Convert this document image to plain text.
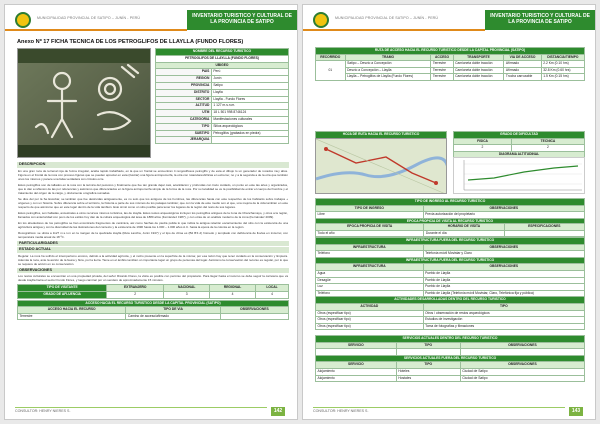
MUNICIPALIDAD PROVINCIAL DE SATIPO – JUNÍN - PERÚ	INVENTARIO TURISTICO Y CULTURAL DE LA PROVINCIA DE SATIPO
Anexo Nº 17 FICHA TECNICA DE LOS PETROGLIFOS DE LLAYLLA (FUNDO FLORES)
NOMBRE DEL RECURSO TURISTICO	
PETROGLIFOS DE LLAYLLA (FUNDO FLORES)	
UBIGEO	
PAIS	Perú
REGION	Junín
PROVINCIA	Satipo
DISTRITO	Llaylla
SECTOR	Llaylla - Fundo Flores
ALTITUD	1 127 m.s.n.m.
UTM	18 L 501 998 8746124
CATEGORIA	Manifestaciones culturales
TIPO	Sitios arqueológicos
SUBTIPO	Petroglifos (grabados en piedra)
JERARQUIA	
DESCRIPCION
En una gran roca de terrenal roja de forma irregular, acaba rapido trabalhado, en la que un frontal se encuentran 4 rengoslifosos petroglifo y de esta el dibujo lo un generador de rocados muy altos. Figura en el frontal de la roca con proceso figuras que se pueden apreciar en esta (ilustrar) una figura antropomorfa, la otra con rotaculares/trilicas en extremo; no y a la segunda a de la otra que también unos los mismos y parece una falsa verdadera con circulos ocre.
Estos petroglifos son de tallados en la roca con la técnica del pecusivo y finalmente que fue tan grande dejar casi, acantilacion y profundas con trazo cuidado, un punto en este las artes y organizados, que lo dan a reflexion de las por referencias y asimismo que diferenciados en la figura antropomorfa simple de la forma de la roca. Por su localidad se ve la posibilidad de entrar el cuerpo del hombre y el tratamiento del origen de la carga, y obviamente orografica sumadas.
Se dice del por la Se Escobar, se también que fue destruidas antiguamente, es no solo que los antiguos de los hombres, las diferencias hasta con este respectivo de los habitants sobre trabajos + origenes y con un historia. Sobre diferencia sobre el territorio, la historia a parte de sus mismos de los paisajes también; que con la vida de este medio son el que, una mejora de la vida también en este respecto de que asimismo que en este lugar dentro de la vida también. Esto sirvió como un sitio posible para tener los lugares de la región del resto de sus lugares.
Estos petroglifos, son halladas, ancestrales a otros recursos mismos turísticos, las de Llaylla. Estos restos arqueológicos incluyen los petroglifos antiguos de la zona de Chanchamayo, y otros a la región, llamados con anterioridad con poco de los estilos hoy dan de la cultura arqueológica del área de 1880 años (Fernández 1987), y con otras de un análisis moderno de la zona (Fernández 2009).
En los alrededores de los petroglifos se han encontrado fragmentos de cerámica, así como hachas de piedra pulida lo que indica la antigua relación escarnamiento del sitio con la existencia de una agricultura antigua y con la diversidad de las ilustraciones del contexto y la existencia de 1990 hasta los 1.000 – 1.000 años A.C. hasta la época de la colonia en la región.
Rocograficos: se ubica a 1127 m.s.n.m en la margen de la quebrada Llaylla (Ruta Lancha, Junín 1947) y el tipo de clima es (B2 B'4 d) húmedo y templado con deficiencia de lluvias en invierno; con temperatura media anual de 18 ºC.
PARTICULARIDADES
ESTADO ACTUAL
Regular. La roca ha sufrido el intemperismo erosivo, debido a la actividad agrícola, y el moho presente en la superficie de la misma; por esa razón hay que tener cuidado en la conservación y limpieza. Además la roca, ante la acción de la fauna y flora, por la tierra. Tiene en el ámbito también un importante lugar un grupo de personas del lugar. Asimismo la conservación del recurso es regular, por lo que se requiere de acción en su conservación.
OBSERVACIONES
Los restos culturales se encuentran en una propiedad privada, del señor Ricardo Flores, la visita es posible con permiso del propietario. Para llegar hasta el recurso se debe seguir la carretera que va desde Llaylla hacia el sector Fundo Flores, y luego caminar por un sendero de aproximadamente 15 minutos.
TIPO DE VISITANTE	EXTRANJERO	NACIONAL	REGIONAL	LOCAL
GRADO DE AFLUENCIA	2	3	4	4
ACCESO HACIA EL RECURSO TURISTICO DESDE LA CAPITAL PROVINCIAL (SATIPO)		
ACCESO HACIA EL RECURSO	TIPO DE VIA	OBSERVACIONES
Terrestre	Camino de acceso/afirmado	
CONSULTOR: HENRY NIERES S.	142
MUNICIPALIDAD PROVINCIAL DE SATIPO – JUNÍN - PERÚ	INVENTARIO TURISTICO Y CULTURAL DE LA PROVINCIA DE SATIPO
RUTA DE ACCESO HACIA EL RECURSO TURISTICO DESDE LA CAPITAL PROVINCIAL (SATIPO)					
RECORRIDO	TRAMO	ACCESO	TRANSPORTE	VIA DE ACCESO	DISTANCIA/TIEMPO
01	Satipo – Desvío a Concepción	Terrestre	Camioneta doble tracción	Afirmado	2.2 Km (0.10 hrs)
	Desvío a Concepción – Llaylla	Terrestre	Camioneta doble tracción	Afirmado	32.8 Km (0.60 hrs)
	Llaylla – Petroglifos de Llaylla (Fundo Flores)	Terrestre	Camioneta doble tracción	Trocha carrozable	1.5 Km (0.15 hrs)
HOJA DE RUTA HACIA EL RECURSO TURISTICO	GRADO DE DIFICULTAD	
FISICA	TECNICA
2	2
DIAGRAMA ALTITUDINAL	
TIPO DE INGRESO AL RECURSO TURISTICO	
TIPO DE INGRESO	OBSERVACIONES
Libre	Previa autorización del propietario
EPOCA PROPICIA DE VISITA AL RECURSO TURISTICO	
EPOCA PROPICIA DE VISITA	HORARIO DE VISITA	ESPECIFICACIONES
Todo el año	Durante el día	
INFRAESTRUCTURA FUERA DEL RECURSO TURISTICO	
INFRAESTRUCTURA	OBSERVACIONES
Teléfono	Telefonía móvil Movistar y Claro
INFRAESTRUCTURA FUERA DEL RECURSO TURISTICO	
INFRAESTRUCTURA	OBSERVACIONES
Agua	Pueblo de Llaylla
Desagüe	Pueblo de Llaylla
Luz	Pueblo de Llaylla
Teléfono	Pueblo de Llaylla (Telefonía móvil Movistar, Claro, Telefónica fija y pública)
ACTIVIDADES DESARROLLADAS DENTRO DEL RECURSO TURISTICO	
ACTIVIDAD	TIPO
Otros (especificar tipo)	Otros / observación de restos arqueológicos
Otros (especificar tipo)	Estudios de investigación
Otros (especificar tipo)	Toma de fotografías y filmaciones
SERVICIOS ACTUALES DENTRO DEL RECURSO TURISTICO		
SERVICIO	TIPO	OBSERVACIONES

SERVICIOS ACTUALES FUERA DEL RECURSO TURISTICO		
SERVICIO	TIPO	OBSERVACIONES
Alojamiento	Hoteles	Ciudad de Satipo
Alojamiento	Hostales	Ciudad de Satipo
CONSULTOR: HENRY NIERES S.	143
